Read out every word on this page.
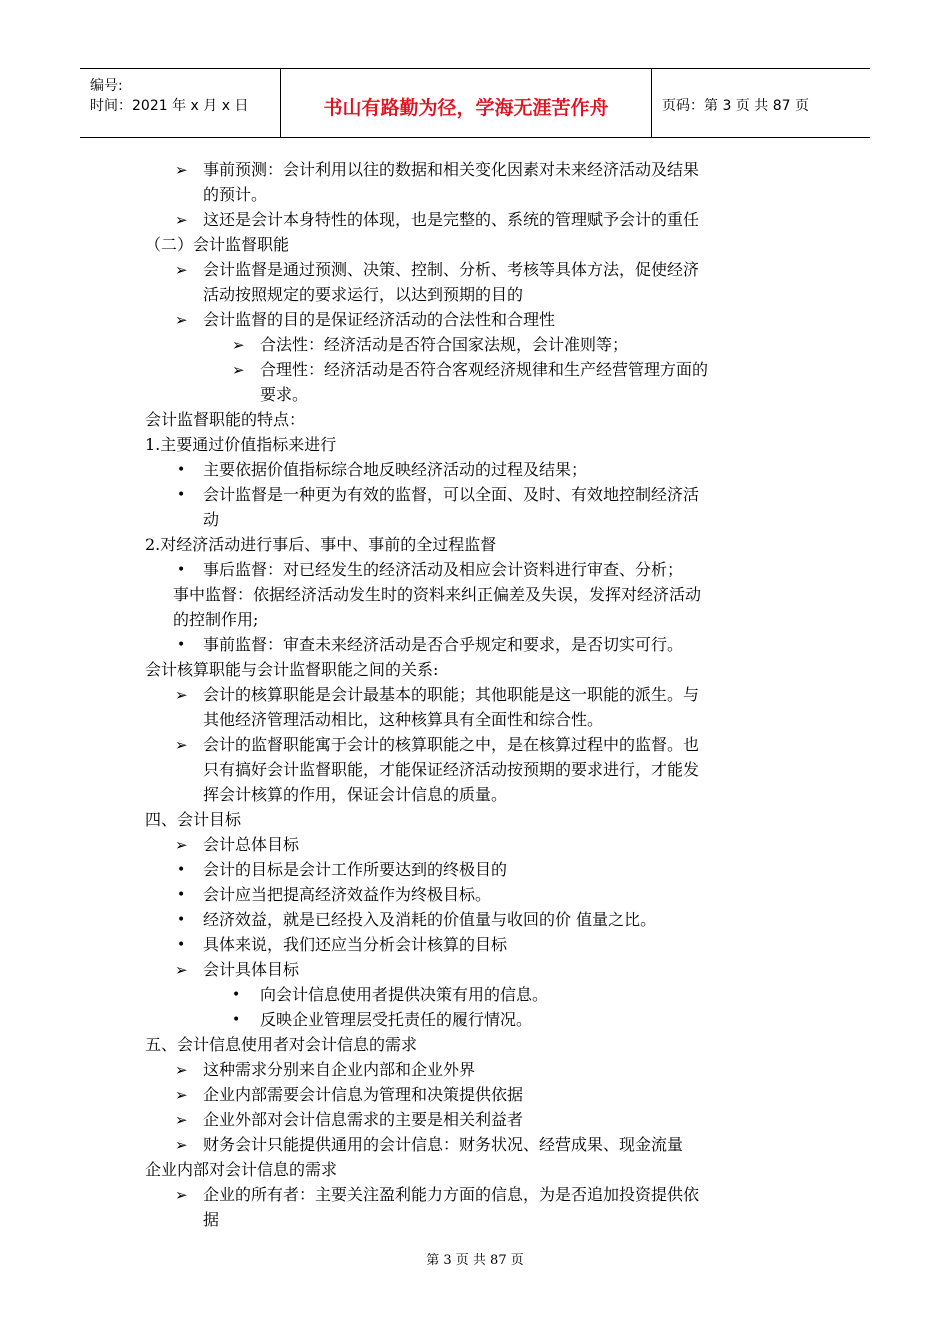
编号:
时间：2021 年 x 月 x 日	书山有路勤为径，学海无涯苦作舟	页码：第 3 页 共 87 页
➢ 事前预测：会计利用以往的数据和相关变化因素对未来经济活动及结果
的预计。
➢ 这还是会计本身特性的体现，也是完整的、系统的管理赋予会计的重任
（二）会计监督职能
➢ 会计监督是通过预测、决策、控制、分析、考核等具体方法，促使经济
活动按照规定的要求运行，以达到预期的目的
➢ 会计监督的目的是保证经济活动的合法性和合理性
➢ 合法性：经济活动是否符合国家法规，会计准则等；
➢ 合理性：经济活动是否符合客观经济规律和生产经营管理方面的
要求。
会计监督职能的特点：
1.主要通过价值指标来进行
• 主要依据价值指标综合地反映经济活动的过程及结果；
• 会计监督是一种更为有效的监督，可以全面、及时、有效地控制经济活
动
2.对经济活动进行事后、事中、事前的全过程监督
• 事后监督：对已经发生的经济活动及相应会计资料进行审查、分析；
事中监督：依据经济活动发生时的资料来纠正偏差及失误，发挥对经济活动
的控制作用;
• 事前监督：审查未来经济活动是否合乎规定和要求，是否切实可行。
会计核算职能与会计监督职能之间的关系:
➢ 会计的核算职能是会计最基本的职能；其他职能是这一职能的派生。与
其他经济管理活动相比，这种核算具有全面性和综合性。
➢ 会计的监督职能寓于会计的核算职能之中，是在核算过程中的监督。也
只有搞好会计监督职能，才能保证经济活动按预期的要求进行，才能发
挥会计核算的作用，保证会计信息的质量。
四、会计目标
➢ 会计总体目标
• 会计的目标是会计工作所要达到的终极目的
• 会计应当把提高经济效益作为终极目标。
• 经济效益，就是已经投入及消耗的价值量与收回的价 值量之比。
• 具体来说，我们还应当分析会计核算的目标
➢ 会计具体目标
• 向会计信息使用者提供决策有用的信息。
• 反映企业管理层受托责任的履行情况。
五、会计信息使用者对会计信息的需求
➢ 这种需求分别来自企业内部和企业外界
➢ 企业内部需要会计信息为管理和决策提供依据
➢ 企业外部对会计信息需求的主要是相关利益者
➢ 财务会计只能提供通用的会计信息：财务状况、经营成果、现金流量
企业内部对会计信息的需求
➢ 企业的所有者：主要关注盈利能力方面的信息，为是否追加投资提供依
据
第 3 页 共 87 页
